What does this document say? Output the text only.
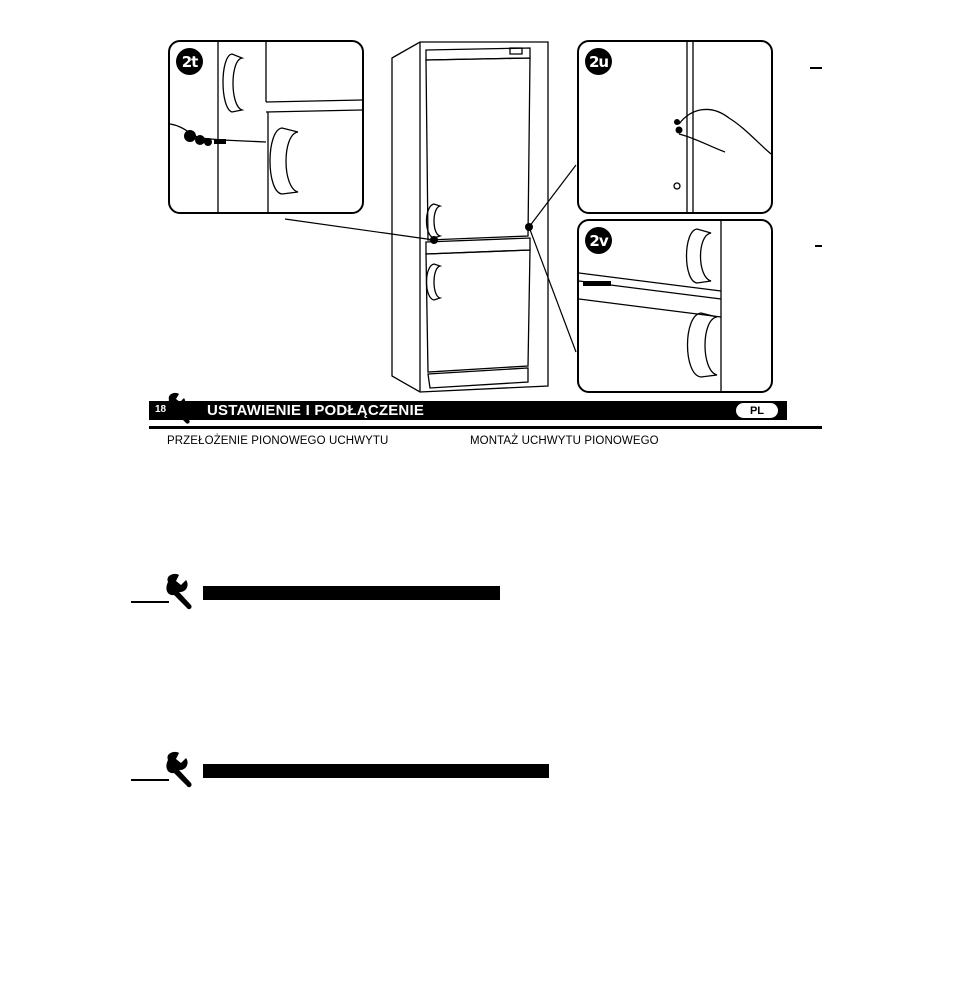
2t	2u
2v
18	USTAWIENIE I PODŁĄCZENIE	PL
PRZEŁOŻENIE PIONOWEGO UCHWYTU	MONTAŻ UCHWYTU PIONOWEGO
